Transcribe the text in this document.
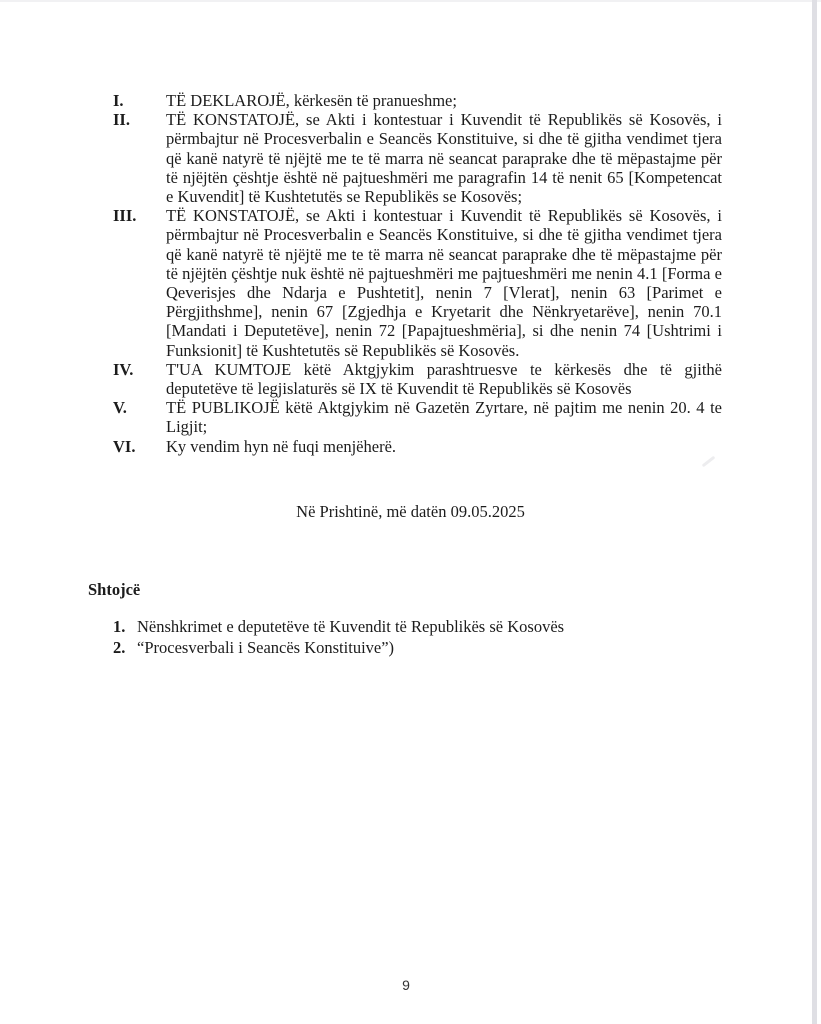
I.	TË DEKLAROJË, kërkesën të pranueshme;
II.	TË KONSTATOJË, se Akti i kontestuar i Kuvendit të Republikës së Kosovës, i përmbajtur në Procesverbalin e Seancës Konstituive, si dhe të gjitha vendimet tjera që kanë natyrë të njëjtë me te të marra në seancat paraprake dhe të mëpastajme për të njëjtën çështje është në pajtueshmëri me paragrafin 14 të nenit 65 [Kompetencat e Kuvendit] të Kushtetutës se Republikës se Kosovës;
III.	TË KONSTATOJË, se Akti i kontestuar i Kuvendit të Republikës së Kosovës, i përmbajtur në Procesverbalin e Seancës Konstituive, si dhe të gjitha vendimet tjera që kanë natyrë të njëjtë me te të marra në seancat paraprake dhe të mëpastajme për të njëjtën çështje nuk është në pajtueshmëri me pajtueshmëri me nenin 4.1 [Forma e Qeverisjes dhe Ndarja e Pushtetit], nenin 7 [Vlerat], nenin 63 [Parimet e Përgjithshme], nenin 67 [Zgjedhja e Kryetarit dhe Nënkryetarëve], nenin 70.1 [Mandati i Deputetëve], nenin 72 [Papajtueshmëria], si dhe nenin 74 [Ushtrimi i Funksionit] të Kushtetutës së Republikës së Kosovës.
IV.	T'UA KUMTOJE këtë Aktgjykim parashtruesve te kërkesës dhe të gjithë deputetëve të legjislaturës së IX të Kuvendit të Republikës së Kosovës
V.	TË PUBLIKOJË këtë Aktgjykim në Gazetën Zyrtare, në pajtim me nenin 20. 4 te Ligjit;
VI.	Ky vendim hyn në fuqi menjëherë.
Në Prishtinë, më datën 09.05.2025
Shtojcë
1. Nënshkrimet e deputetëve të Kuvendit të Republikës së Kosovës
2. “Procesverbali i Seancës Konstituive”)
9
